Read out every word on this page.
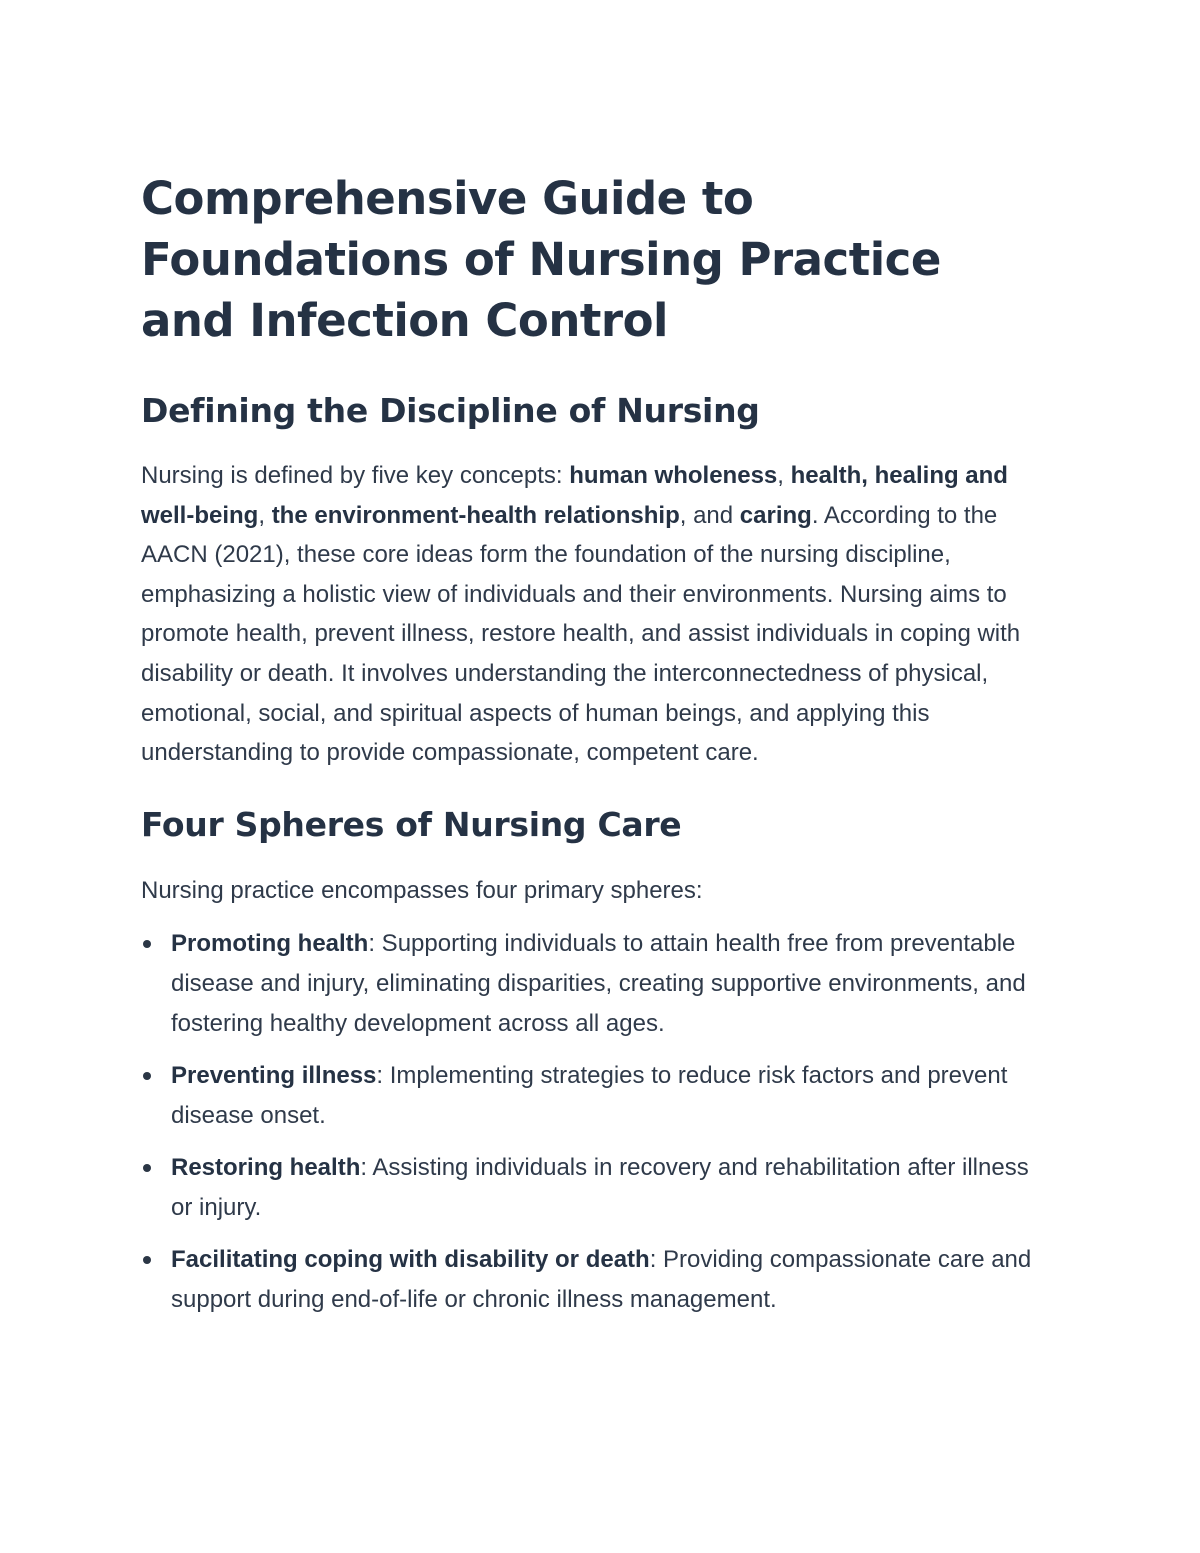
Comprehensive Guide to Foundations of Nursing Practice and Infection Control
Defining the Discipline of Nursing

Nursing is defined by five key concepts: human wholeness, health, healing and well-being, the environment-health relationship, and caring. According to the AACN (2021), these core ideas form the foundation of the nursing discipline, emphasizing a holistic view of individuals and their environments. Nursing aims to promote health, prevent illness, restore health, and assist individuals in coping with disability or death. It involves understanding the interconnectedness of physical, emotional, social, and spiritual aspects of human beings, and applying this understanding to provide compassionate, competent care.

Four Spheres of Nursing Care

Nursing practice encompasses four primary spheres:

Promoting health: Supporting individuals to attain health free from preventable disease and injury, eliminating disparities, creating supportive environments, and fostering healthy development across all ages.
Preventing illness: Implementing strategies to reduce risk factors and prevent disease onset.
Restoring health: Assisting individuals in recovery and rehabilitation after illness or injury.
Facilitating coping with disability or death: Providing compassionate care and support during end-of-life or chronic illness management.
